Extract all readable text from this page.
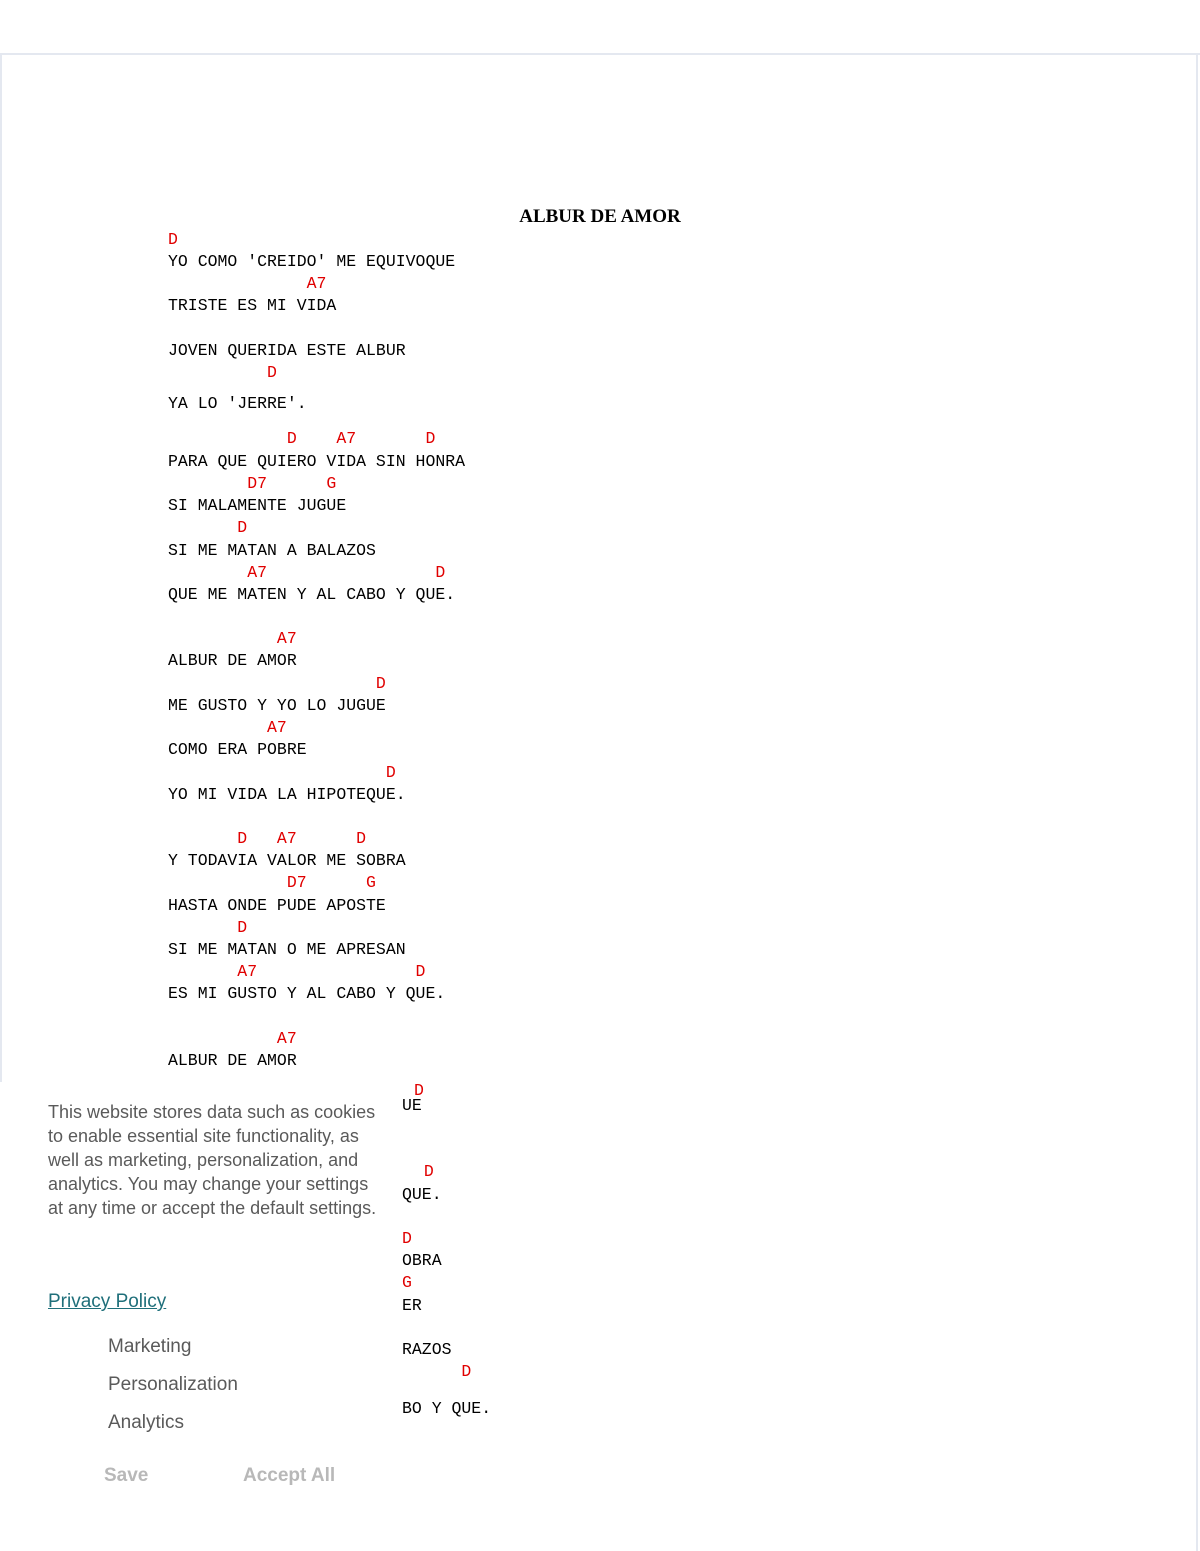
ALBUR DE AMOR
D
YO COMO 'CREIDO' ME EQUIVOQUE
A7
TRISTE ES MI VIDA
JOVEN QUERIDA ESTE ALBUR
D
YA LO 'JERRE'.
D    A7       D
PARA QUE QUIERO VIDA SIN HONRA
D7      G
SI MALAMENTE JUGUE
D
SI ME MATAN A BALAZOS
A7                 D
QUE ME MATEN Y AL CABO Y QUE.
A7
ALBUR DE AMOR
D
ME GUSTO Y YO LO JUGUE
A7
COMO ERA POBRE
D
YO MI VIDA LA HIPOTEQUE.
D   A7      D
Y TODAVIA VALOR ME SOBRA
D7      G
HASTA ONDE PUDE APOSTE
D
SI ME MATAN O ME APRESAN
A7                D
ES MI GUSTO Y AL CABO Y QUE.
A7
ALBUR DE AMOR
D
UE
D
QUE.
D
OBRA
G
ER
RAZOS
D
BO Y QUE.
This website stores data such as cookies to enable essential site functionality, as well as marketing, personalization, and analytics. You may change your settings at any time or accept the default settings.
Privacy Policy
Marketing
Personalization
Analytics
Save	Accept All
